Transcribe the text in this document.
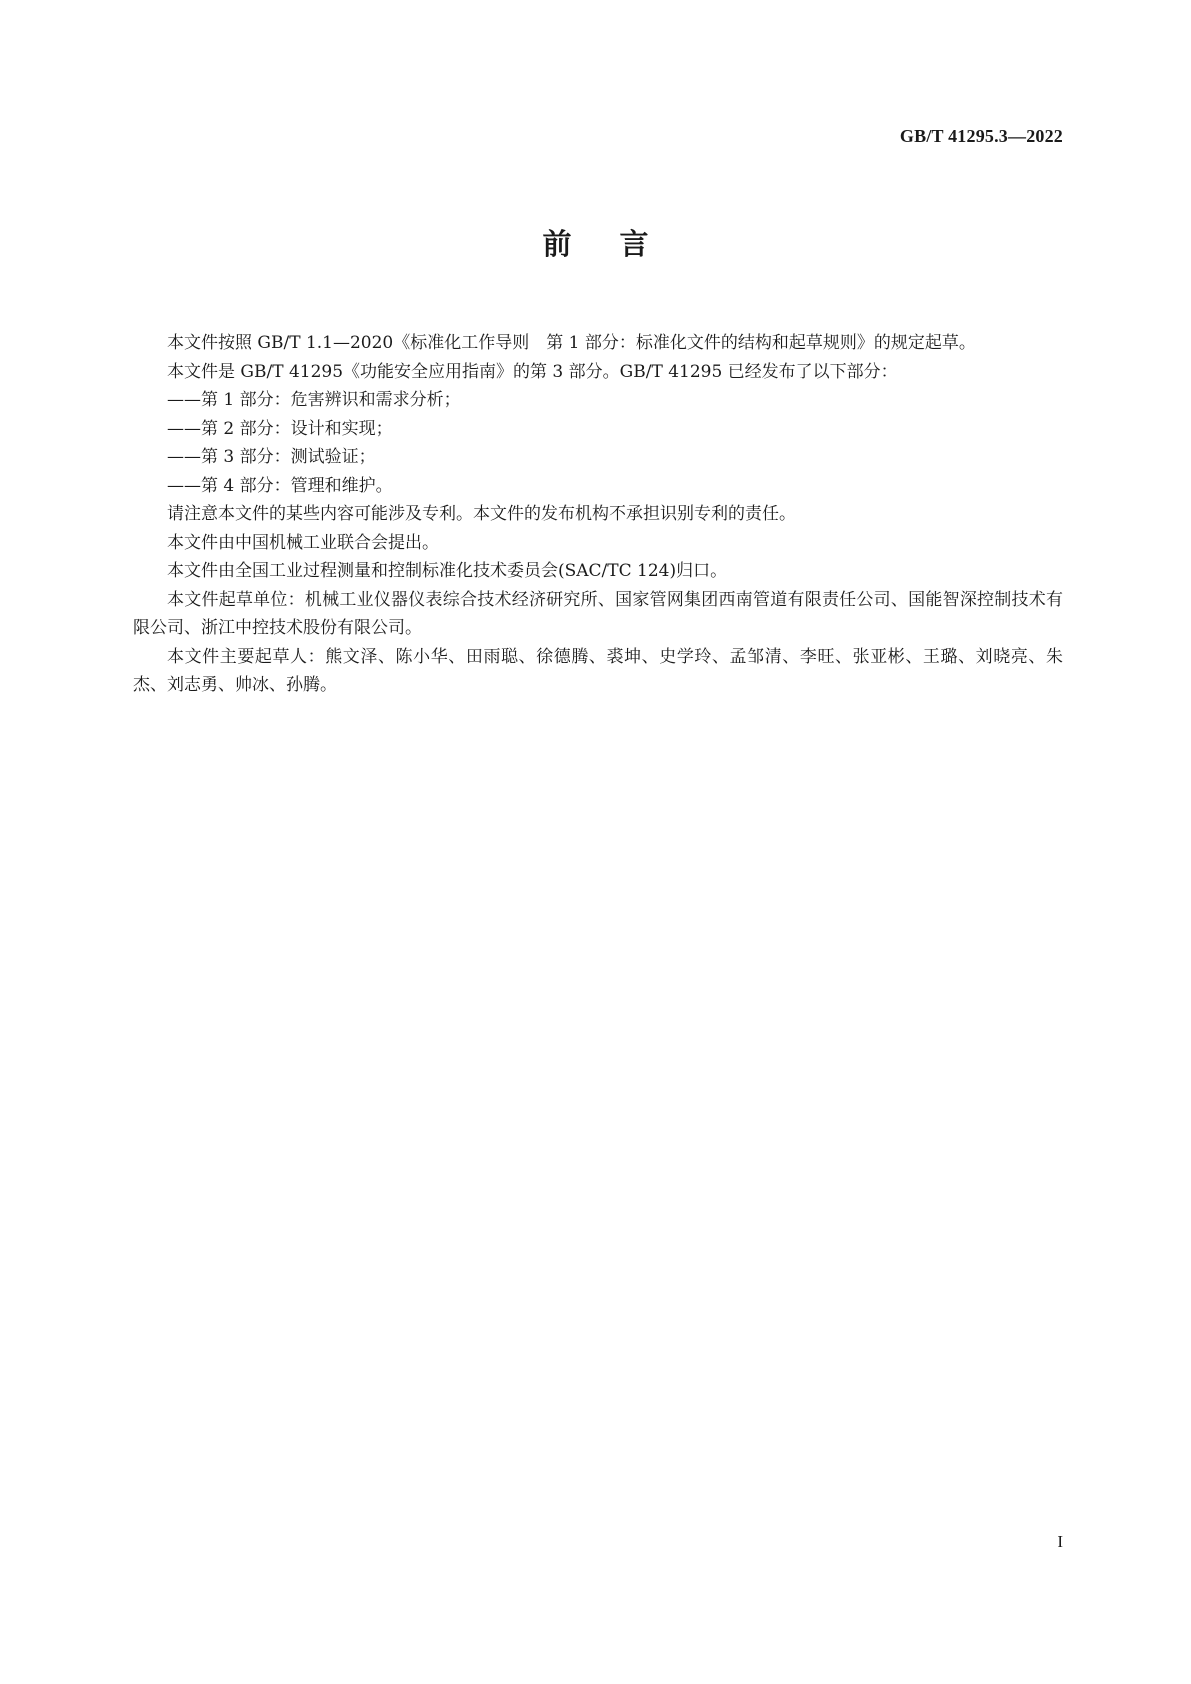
GB/T 41295.3—2022
前言

本文件按照 GB/T 1.1—2020《标准化工作导则　第 1 部分：标准化文件的结构和起草规则》的规定起草。

本文件是 GB/T 41295《功能安全应用指南》的第 3 部分。GB/T 41295 已经发布了以下部分：

——第 1 部分：危害辨识和需求分析；

——第 2 部分：设计和实现；

——第 3 部分：测试验证；

——第 4 部分：管理和维护。

请注意本文件的某些内容可能涉及专利。本文件的发布机构不承担识别专利的责任。

本文件由中国机械工业联合会提出。

本文件由全国工业过程测量和控制标准化技术委员会(SAC/TC 124)归口。

本文件起草单位：机械工业仪器仪表综合技术经济研究所、国家管网集团西南管道有限责任公司、国能智深控制技术有限公司、浙江中控技术股份有限公司。

本文件主要起草人：熊文泽、陈小华、田雨聪、徐德腾、裘坤、史学玲、孟邹清、李旺、张亚彬、王璐、刘晓亮、朱杰、刘志勇、帅冰、孙腾。

I
